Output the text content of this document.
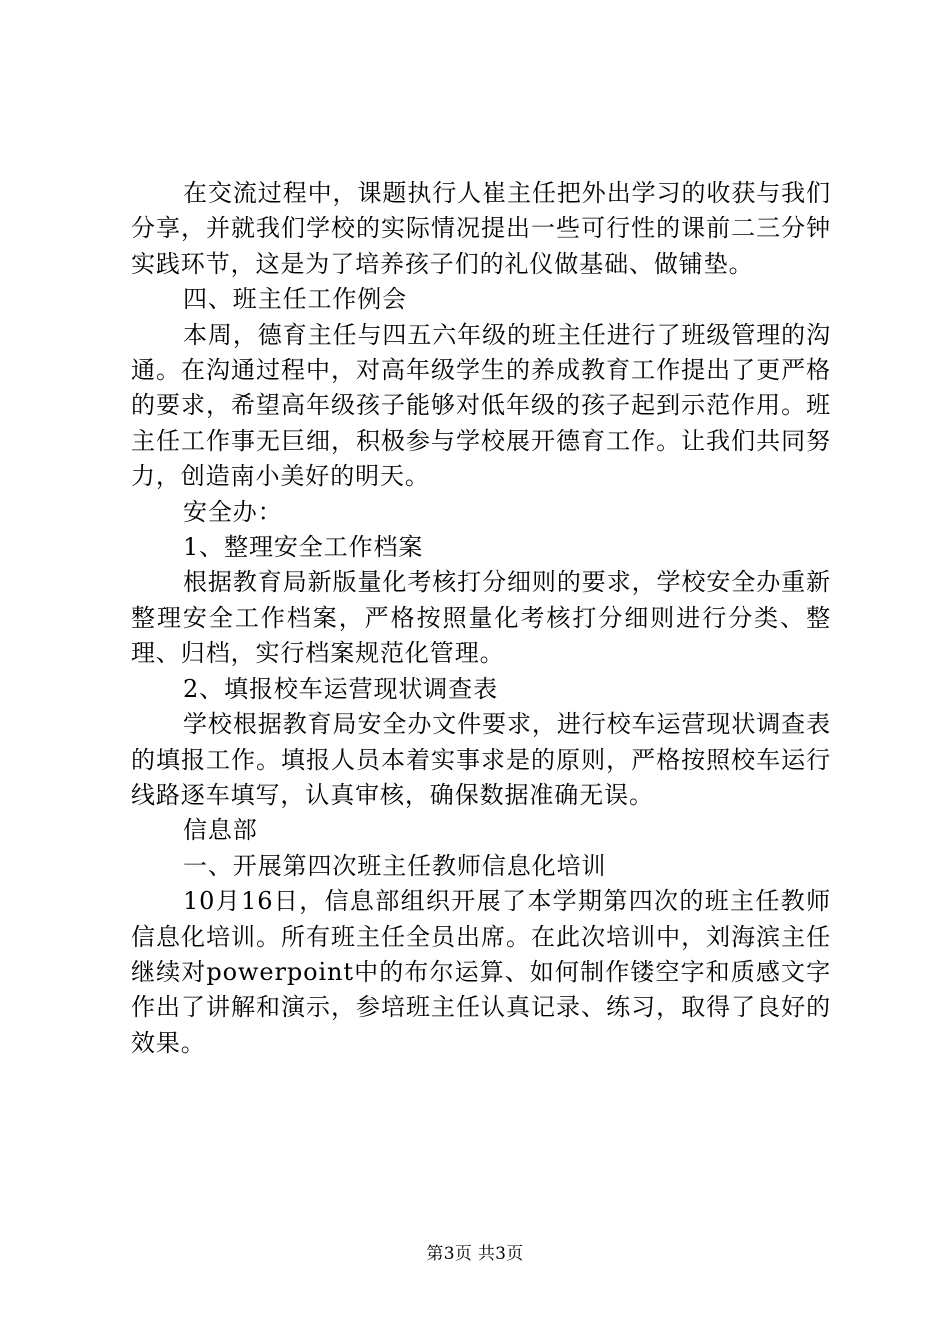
在交流过程中，课题执行人崔主任把外出学习的收获与我们分享，并就我们学校的实际情况提出一些可行性的课前二三分钟实践环节，这是为了培养孩子们的礼仪做基础、做铺垫。

四、班主任工作例会

本周，德育主任与四五六年级的班主任进行了班级管理的沟通。在沟通过程中，对高年级学生的养成教育工作提出了更严格的要求，希望高年级孩子能够对低年级的孩子起到示范作用。班主任工作事无巨细，积极参与学校展开德育工作。让我们共同努力，创造南小美好的明天。

安全办：

1、整理安全工作档案

根据教育局新版量化考核打分细则的要求，学校安全办重新整理安全工作档案，严格按照量化考核打分细则进行分类、整理、归档，实行档案规范化管理。

2、填报校车运营现状调查表

学校根据教育局安全办文件要求，进行校车运营现状调查表的填报工作。填报人员本着实事求是的原则，严格按照校车运行线路逐车填写，认真审核，确保数据准确无误。

信息部

一、开展第四次班主任教师信息化培训

10月16日，信息部组织开展了本学期第四次的班主任教师信息化培训。所有班主任全员出席。在此次培训中，刘海滨主任继续对powerpoint中的布尔运算、如何制作镂空字和质感文字作出了讲解和演示，参培班主任认真记录、练习，取得了良好的效果。

第3页 共3页
